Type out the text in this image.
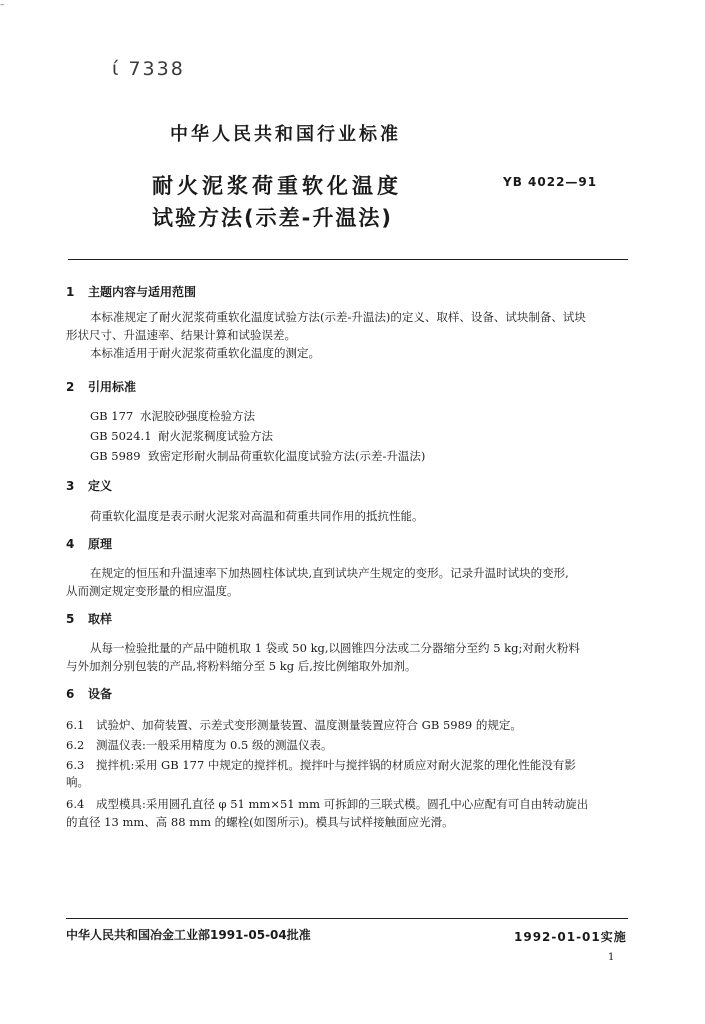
–
ί 7338
中华人民共和国行业标准
耐火泥浆荷重软化温度
试验方法(示差-升温法)
YB 4022—91
1 主题内容与适用范围
本标准规定了耐火泥浆荷重软化温度试验方法(示差-升温法)的定义、取样、设备、试块制备、试块
形状尺寸、升温速率、结果计算和试验误差。
本标准适用于耐火泥浆荷重软化温度的测定。
2 引用标准
GB 177 水泥胶砂强度检验方法
GB 5024.1 耐火泥浆稠度试验方法
GB 5989 致密定形耐火制品荷重软化温度试验方法(示差-升温法)
3 定义
荷重软化温度是表示耐火泥浆对高温和荷重共同作用的抵抗性能。
4 原理
在规定的恒压和升温速率下加热圆柱体试块,直到试块产生规定的变形。记录升温时试块的变形,
从而测定规定变形量的相应温度。
5 取样
从每一检验批量的产品中随机取 1 袋或 50 kg,以圆锥四分法或二分器缩分至约 5 kg;对耐火粉料
与外加剂分别包装的产品,将粉料缩分至 5 kg 后,按比例缩取外加剂。
6 设备
6.1 试验炉、加荷装置、示差式变形测量装置、温度测量装置应符合 GB 5989 的规定。
6.2 测温仪表:一般采用精度为 0.5 级的测温仪表。
6.3 搅拌机:采用 GB 177 中规定的搅拌机。搅拌叶与搅拌锅的材质应对耐火泥浆的理化性能没有影
响。
6.4 成型模具:采用圆孔直径 φ 51 mm×51 mm 可拆卸的三联式模。圆孔中心应配有可自由转动旋出
的直径 13 mm、高 88 mm 的螺栓(如图所示)。模具与试样接触面应光滑。
中华人民共和国冶金工业部1991-05-04批准	1992-01-01实施
1
